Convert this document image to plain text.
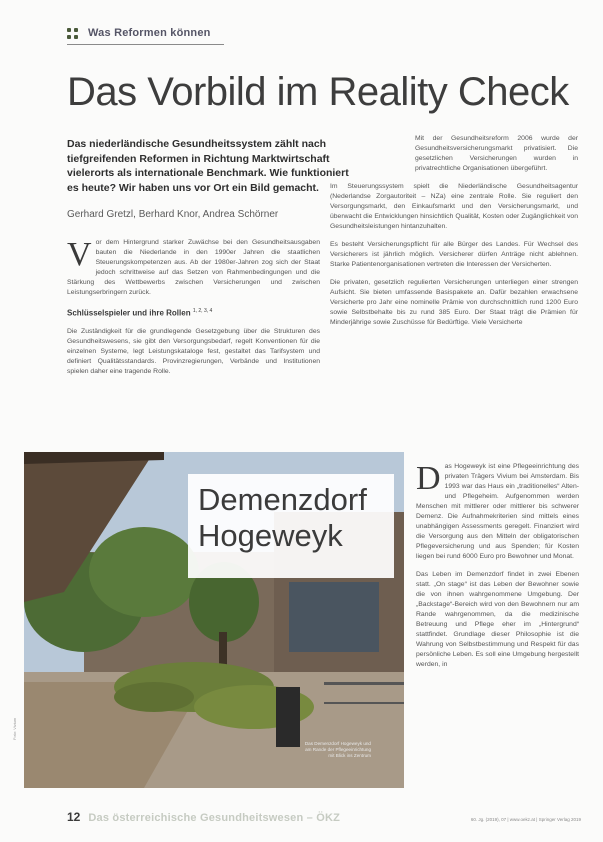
Was Reformen können
Das Vorbild im Reality Check
Das niederländische Gesundheitssystem zählt nach tiefgreifenden Reformen in Richtung Marktwirtschaft vielerorts als internationale Benchmark. Wie funktioniert es heute? Wir haben uns vor Ort ein Bild gemacht.
Gerhard Gretzl, Berhard Knor, Andrea Schörner

Vor dem Hintergrund starker Zuwächse bei den Gesundheitsausgaben bauten die Niederlande in den 1990er Jahren die staatlichen Steuerungskompetenzen aus. Ab der 1980er-Jahren zog sich der Staat jedoch schrittweise auf das Setzen von Rahmenbedingungen und die Stärkung des Wettbewerbs zwischen Versicherungen und zwischen Leistungserbringern zurück.

Schlüsselspieler und ihre Rollen $^{1, 2, 3, 4}$

Die Zuständigkeit für die grundlegende Gesetzgebung über die Strukturen des Gesundheitswesens, sie gibt den Versorgungsbedarf, regelt Konventionen für die einzelnen Systeme, legt Leistungskataloge fest, gestaltet das Tarifsystem und definiert Qualitätsstandards. Provinzregierungen, Verbände und Institutionen spielen daher eine tragende Rolle.

Mit der Gesundheitsreform 2006 wurde der Gesundheitsversicherungsmarkt privatisiert. Die gesetzlichen Versicherungen wurden in privatrechtliche Organisationen übergeführt.

Im Steuerungssystem spielt die Niederländische Gesundheitsagentur (Nederlandse Zorgautoriteit – NZa) eine zentrale Rolle. Sie reguliert den Versorgungsmarkt, den Einkaufsmarkt und den Versicherungsmarkt, und überwacht die Entwicklungen hinsichtlich Qualität, Kosten oder Zugänglichkeit von Gesundheitsleistungen hintanzuhalten.

Es besteht Versicherungspflicht für alle Bürger des Landes. Für Wechsel des Versicherers ist jährlich möglich. Versicherer dürfen Anträge nicht ablehnen. Starke Patientenorganisationen vertreten die Interessen der Versicherten.

Die privaten, gesetzlich regulierten Versicherungen unterliegen einer strengen Aufsicht. Sie bieten umfassende Basispakete an. Dafür bezahlen erwachsene Versicherte pro Jahr eine nominelle Prämie von durchschnittlich rund 1200 Euro sowie Selbstbehalte bis zu rund 385 Euro. Der Staat trägt die Prämien für Minderjährige sowie Zuschüsse für Bedürftige. Viele Versicherte

Demenzdorf
Hogeweyk
Das Demenzdorf Hogeweyk und am Rande der Pflegeeinrichtung mit Blick ins Zentrum
Foto: Vivium

Das Hogeweyk ist eine Pflegeeinrichtung des privaten Trägers Vivium bei Amsterdam. Bis 1993 war das Haus ein „traditionelles“ Alten- und Pflegeheim. Aufgenommen werden Menschen mit mittlerer oder mittlerer bis schwerer Demenz. Die Aufnahmekriterien sind mittels eines unabhängigen Assessments geregelt. Finanziert wird die Versorgung aus den Mitteln der obligatorischen Pflegeversicherung und aus Spenden; für Kosten liegen bei rund 6000 Euro pro Bewohner und Monat.

Das Leben im Demenzdorf findet in zwei Ebenen statt. „On stage“ ist das Leben der Bewohner sowie die von ihnen wahrgenommene Umgebung. Der „Backstage“-Bereich wird von den Bewohnern nur am Rande wahrgenommen, da die medizinische Betreuung und Pflege eher im „Hintergrund“ stattfindet. Grundlage dieser Philosophie ist die Wahrung von Selbstbestimmung und Respekt für das persönliche Leben. Es soll eine Umgebung hergestellt werden, in

12 Das österreichische Gesundheitswesen – ÖKZ	60. Jg. (2019), 07 | www.oekz.at | Springer Verlag 2019
